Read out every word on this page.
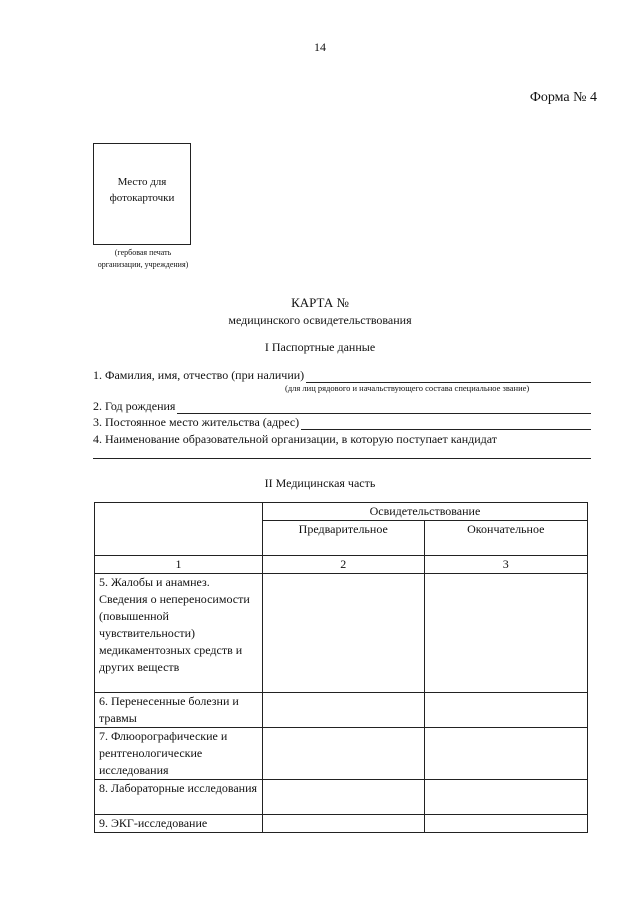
14
Форма № 4
Место для
фотокарточки
(гербовая печать
организации, учреждения)
КАРТА №
медицинского освидетельствования
I Паспортные данные
1. Фамилия, имя, отчество (при наличии)
(для лиц рядового и начальствующего состава специальное звание)
2. Год рождения
3. Постоянное место жительства (адрес)
4. Наименование образовательной организации, в которую поступает кандидат
II Медицинская часть
	Освидетельствование	
	Предварительное	Окончательное
1	2	3
5. Жалобы и анамнез. Сведения о непереносимости (повышенной чувствительности) медикаментозных средств и других веществ		
6. Перенесенные болезни и травмы		
7. Флюорографические и рентгенологические исследования		
8. Лабораторные исследования		
9. ЭКГ-исследование		
